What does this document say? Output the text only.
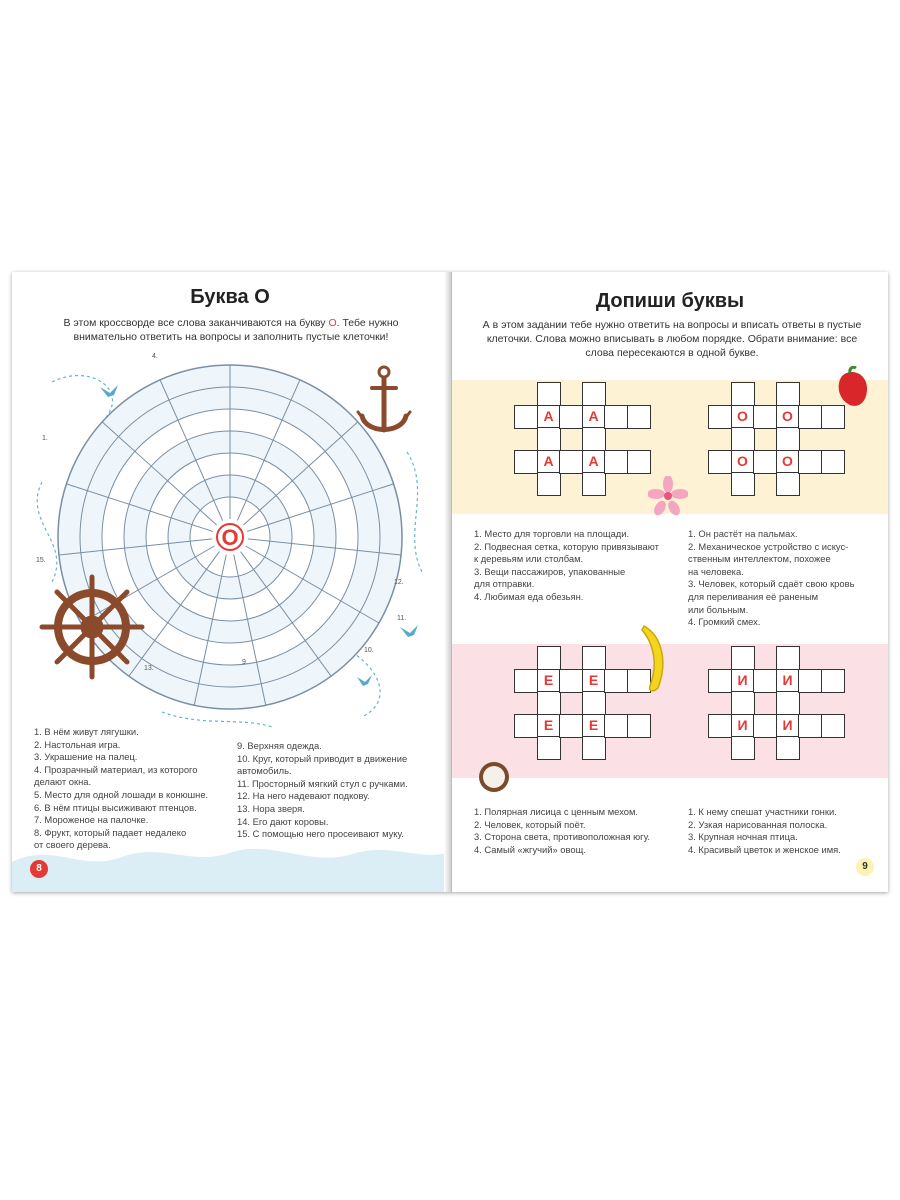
Буква О
В этом кроссворде все слова заканчиваются на букву О. Тебе нужно внимательно ответить на вопросы и заполнить пустые клеточки!
1.
4.
9.
10.
11.
12.
13.
15.
О
1. В нём живут лягушки.
2. Настольная игра.
3. Украшение на палец.
4. Прозрачный материал, из которого
делают окна.
5. Место для одной лошади в конюшне.
6. В нём птицы высиживают птенцов.
7. Мороженое на палочке.
8. Фрукт, который падает недалеко
от своего дерева.
9. Верхняя одежда.
10. Круг, который приводит в движение
автомобиль.
11. Просторный мягкий стул с ручками.
12. На него надевают подкову.
13. Нора зверя.
14. Его дают коровы.
15. С помощью него просеивают муку.
8
Допиши буквы
А в этом задании тебе нужно ответить на вопросы и вписать ответы в пустые клеточки. Слова можно вписывать в любом порядке. Обрати внимание: все слова пересекаются в одной букве.
А
А
А
А
О
О
О
О
Е
Е
Е
Е
И
И
И
И
1. Место для торговли на площади.
2. Подвесная сетка, которую привязывают
к деревьям или столбам.
3. Вещи пассажиров, упакованные
для отправки.
4. Любимая еда обезьян.
1. Он растёт на пальмах.
2. Механическое устройство с искус-
ственным интеллектом, похожее
на человека.
3. Человек, который сдаёт свою кровь
для переливания её раненым
или больным.
4. Громкий смех.
1. Полярная лисица с ценным мехом.
2. Человек, который поёт.
3. Сторона света, противоположная югу.
4. Самый «жгучий» овощ.
1. К нему спешат участники гонки.
2. Узкая нарисованная полоска.
3. Крупная ночная птица.
4. Красивый цветок и женское имя.
9
